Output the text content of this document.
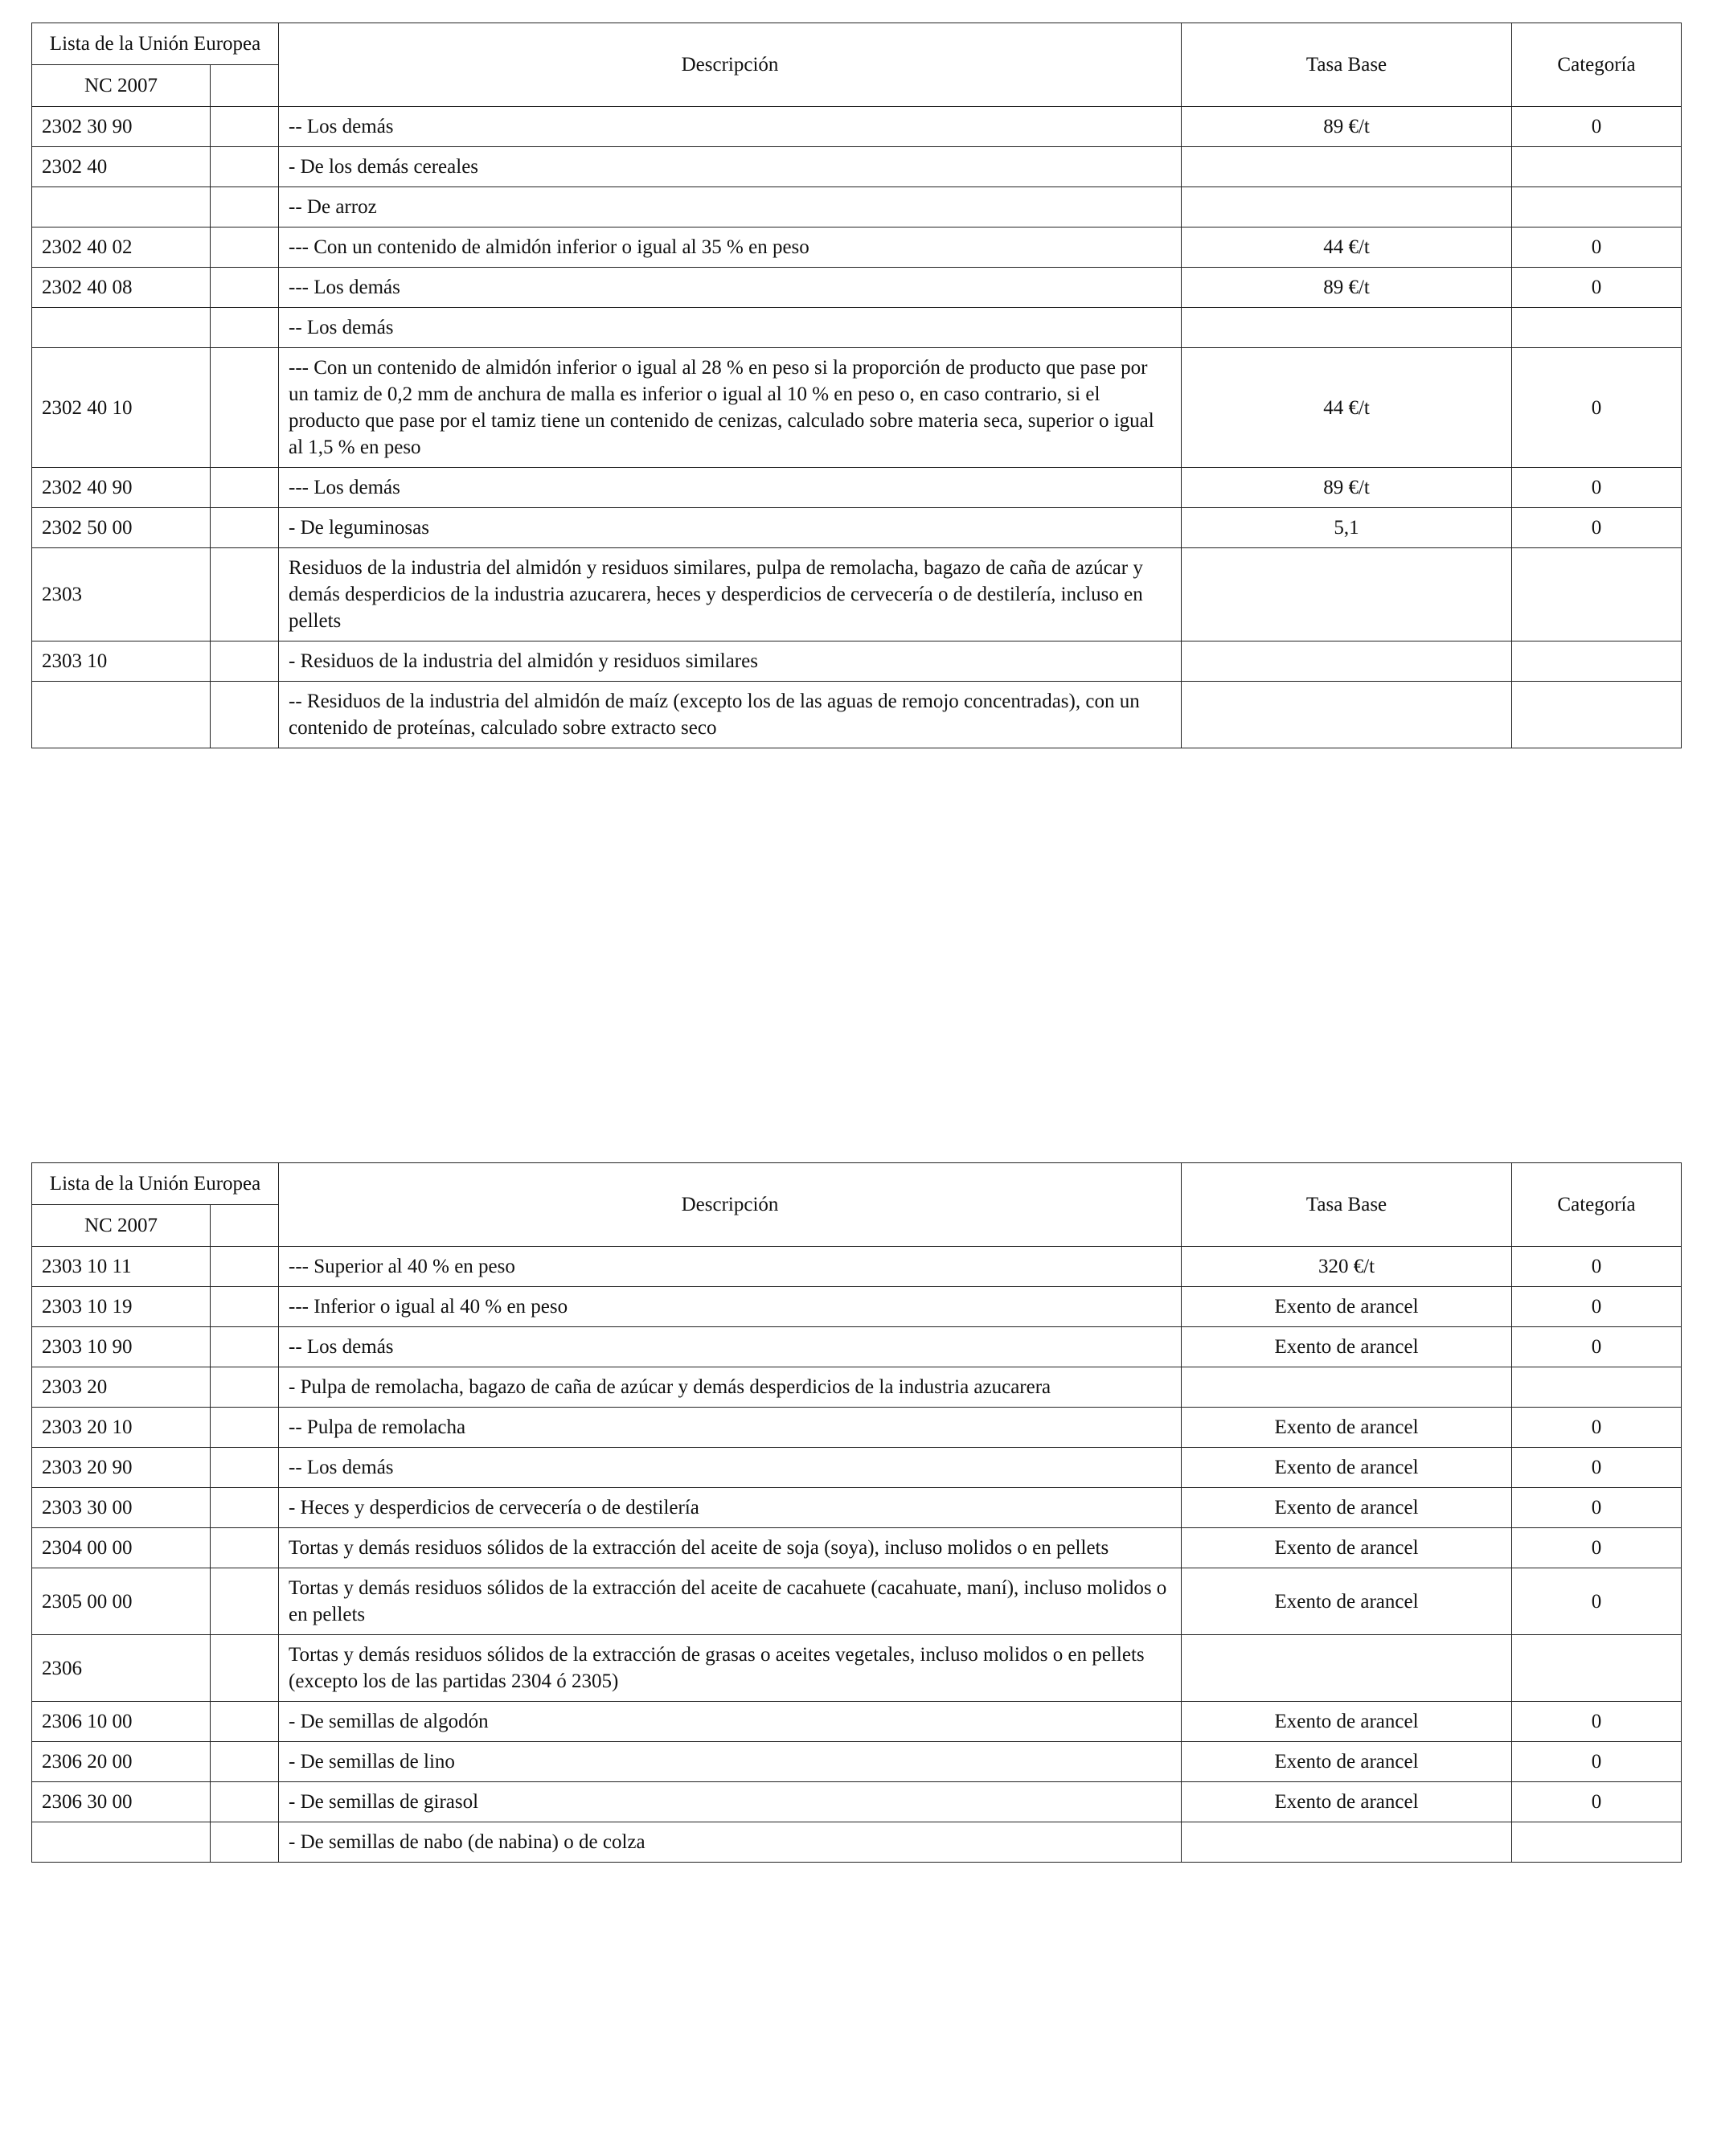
Lista de la Unión Europea		Descripción	Tasa Base	Categoría
NC 2007				
2302 30 90		-- Los demás	89 €/t	0
2302 40		- De los demás cereales		
		-- De arroz		
2302 40 02		--- Con un contenido de almidón inferior o igual al 35 % en peso	44 €/t	0
2302 40 08		--- Los demás	89 €/t	0
		-- Los demás		
2302 40 10		--- Con un contenido de almidón inferior o igual al 28 % en peso si la proporción de producto que pase por un tamiz de 0,2 mm de anchura de malla es inferior o igual al 10 % en peso o, en caso contrario, si el producto que pase por el tamiz tiene un contenido de cenizas, calculado sobre materia seca, superior o igual al 1,5 % en peso	44 €/t	0
2302 40 90		--- Los demás	89 €/t	0
2302 50 00		- De leguminosas	5,1	0
2303		Residuos de la industria del almidón y residuos similares, pulpa de remolacha, bagazo de caña de azúcar y demás desperdicios de la industria azucarera, heces y desperdicios de cervecería o de destilería, incluso en pellets		
2303 10		- Residuos de la industria del almidón y residuos similares		
		-- Residuos de la industria del almidón de maíz (excepto los de las aguas de remojo concentradas), con un contenido de proteínas, calculado sobre extracto seco		
Lista de la Unión Europea		Descripción	Tasa Base	Categoría
NC 2007				
2303 10 11		--- Superior al 40 % en peso	320 €/t	0
2303 10 19		--- Inferior o igual al 40 % en peso	Exento de arancel	0
2303 10 90		-- Los demás	Exento de arancel	0
2303 20		- Pulpa de remolacha, bagazo de caña de azúcar y demás desperdicios de la industria azucarera		
2303 20 10		-- Pulpa de remolacha	Exento de arancel	0
2303 20 90		-- Los demás	Exento de arancel	0
2303 30 00		- Heces y desperdicios de cervecería o de destilería	Exento de arancel	0
2304 00 00		Tortas y demás residuos sólidos de la extracción del aceite de soja (soya), incluso molidos o en pellets	Exento de arancel	0
2305 00 00		Tortas y demás residuos sólidos de la extracción del aceite de cacahuete (cacahuate, maní), incluso molidos o en pellets	Exento de arancel	0
2306		Tortas y demás residuos sólidos de la extracción de grasas o aceites vegetales, incluso molidos o en pellets (excepto los de las partidas 2304 ó 2305)		
2306 10 00		- De semillas de algodón	Exento de arancel	0
2306 20 00		- De semillas de lino	Exento de arancel	0
2306 30 00		- De semillas de girasol	Exento de arancel	0
		- De semillas de nabo (de nabina) o de colza		
